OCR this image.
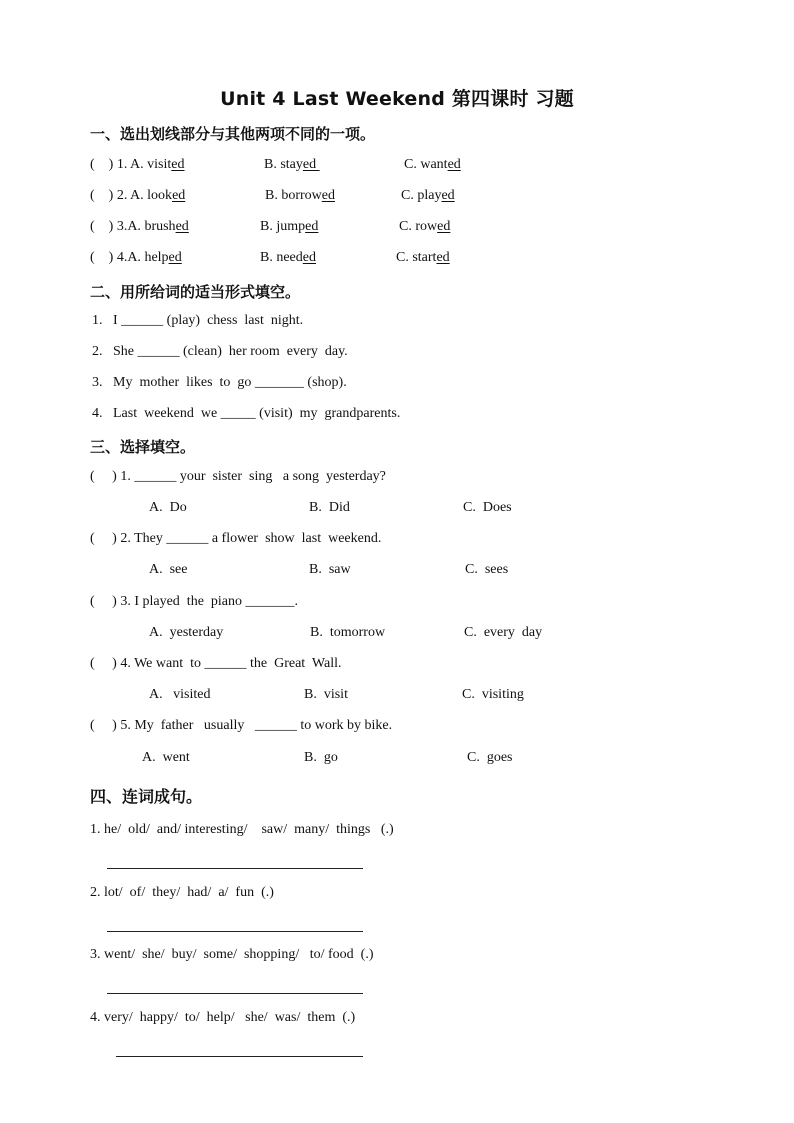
Unit 4 Last Weekend 第四课时 习题
一、选出划线部分与其他两项不同的一项。
(    ) 1. A. visited	B. stayed	C. wanted
(    ) 2. A. looked	B. borrowed	C. played
(    ) 3.A. brushed	B. jumped	C. rowed
(    ) 4.A. helped	B. needed	C. started
二、用所给词的适当形式填空。
1.   I ______ (play)  chess  last  night.
2.   She ______ (clean)  her room  every  day.
3.   My  mother  likes  to  go _______ (shop).
4.   Last  weekend  we _____ (visit)  my  grandparents.
三、选择填空。
(     ) 1. ______ your  sister  sing   a song  yesterday?
A.  Do	B.  Did	C.  Does
(     ) 2. They ______ a flower  show  last  weekend.
A.  see	B.  saw	C.  sees
(     ) 3. I played  the  piano _______.
A.  yesterday	B.  tomorrow	C.  every  day
(     ) 4. We want  to ______ the  Great  Wall.
A.   visited	B.  visit	C.  visiting
(     ) 5. My  father   usually   ______ to work by bike.
A.  went	B.  go	C.  goes
四、连词成句。
1. he/  old/  and/ interesting/    saw/  many/  things   (.)
2. lot/  of/  they/  had/  a/  fun  (.)
3. went/  she/  buy/  some/  shopping/   to/ food  (.)
4. very/  happy/  to/  help/   she/  was/  them  (.)
